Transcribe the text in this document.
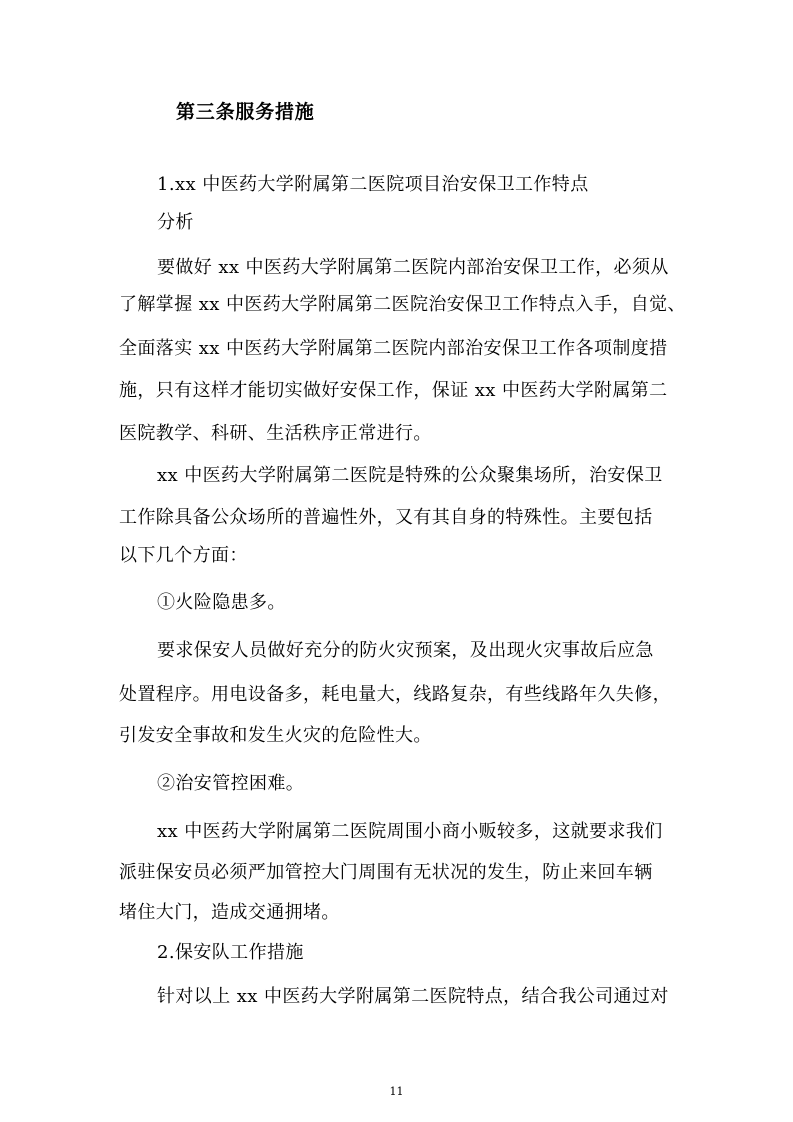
第三条服务措施
1.xx 中医药大学附属第二医院项目治安保卫工作特点
分析
要做好 xx 中医药大学附属第二医院内部治安保卫工作，必须从
了解掌握 xx 中医药大学附属第二医院治安保卫工作特点入手，自觉、
全面落实 xx 中医药大学附属第二医院内部治安保卫工作各项制度措
施，只有这样才能切实做好安保工作，保证 xx 中医药大学附属第二
医院教学、科研、生活秩序正常进行。
xx 中医药大学附属第二医院是特殊的公众聚集场所，治安保卫
工作除具备公众场所的普遍性外，又有其自身的特殊性。主要包括
以下几个方面：
①火险隐患多。
要求保安人员做好充分的防火灾预案，及出现火灾事故后应急
处置程序。用电设备多，耗电量大，线路复杂，有些线路年久失修，
引发安全事故和发生火灾的危险性大。
②治安管控困难。
xx 中医药大学附属第二医院周围小商小贩较多，这就要求我们
派驻保安员必须严加管控大门周围有无状况的发生，防止来回车辆
堵住大门，造成交通拥堵。
2.保安队工作措施
针对以上 xx 中医药大学附属第二医院特点，结合我公司通过对
11
